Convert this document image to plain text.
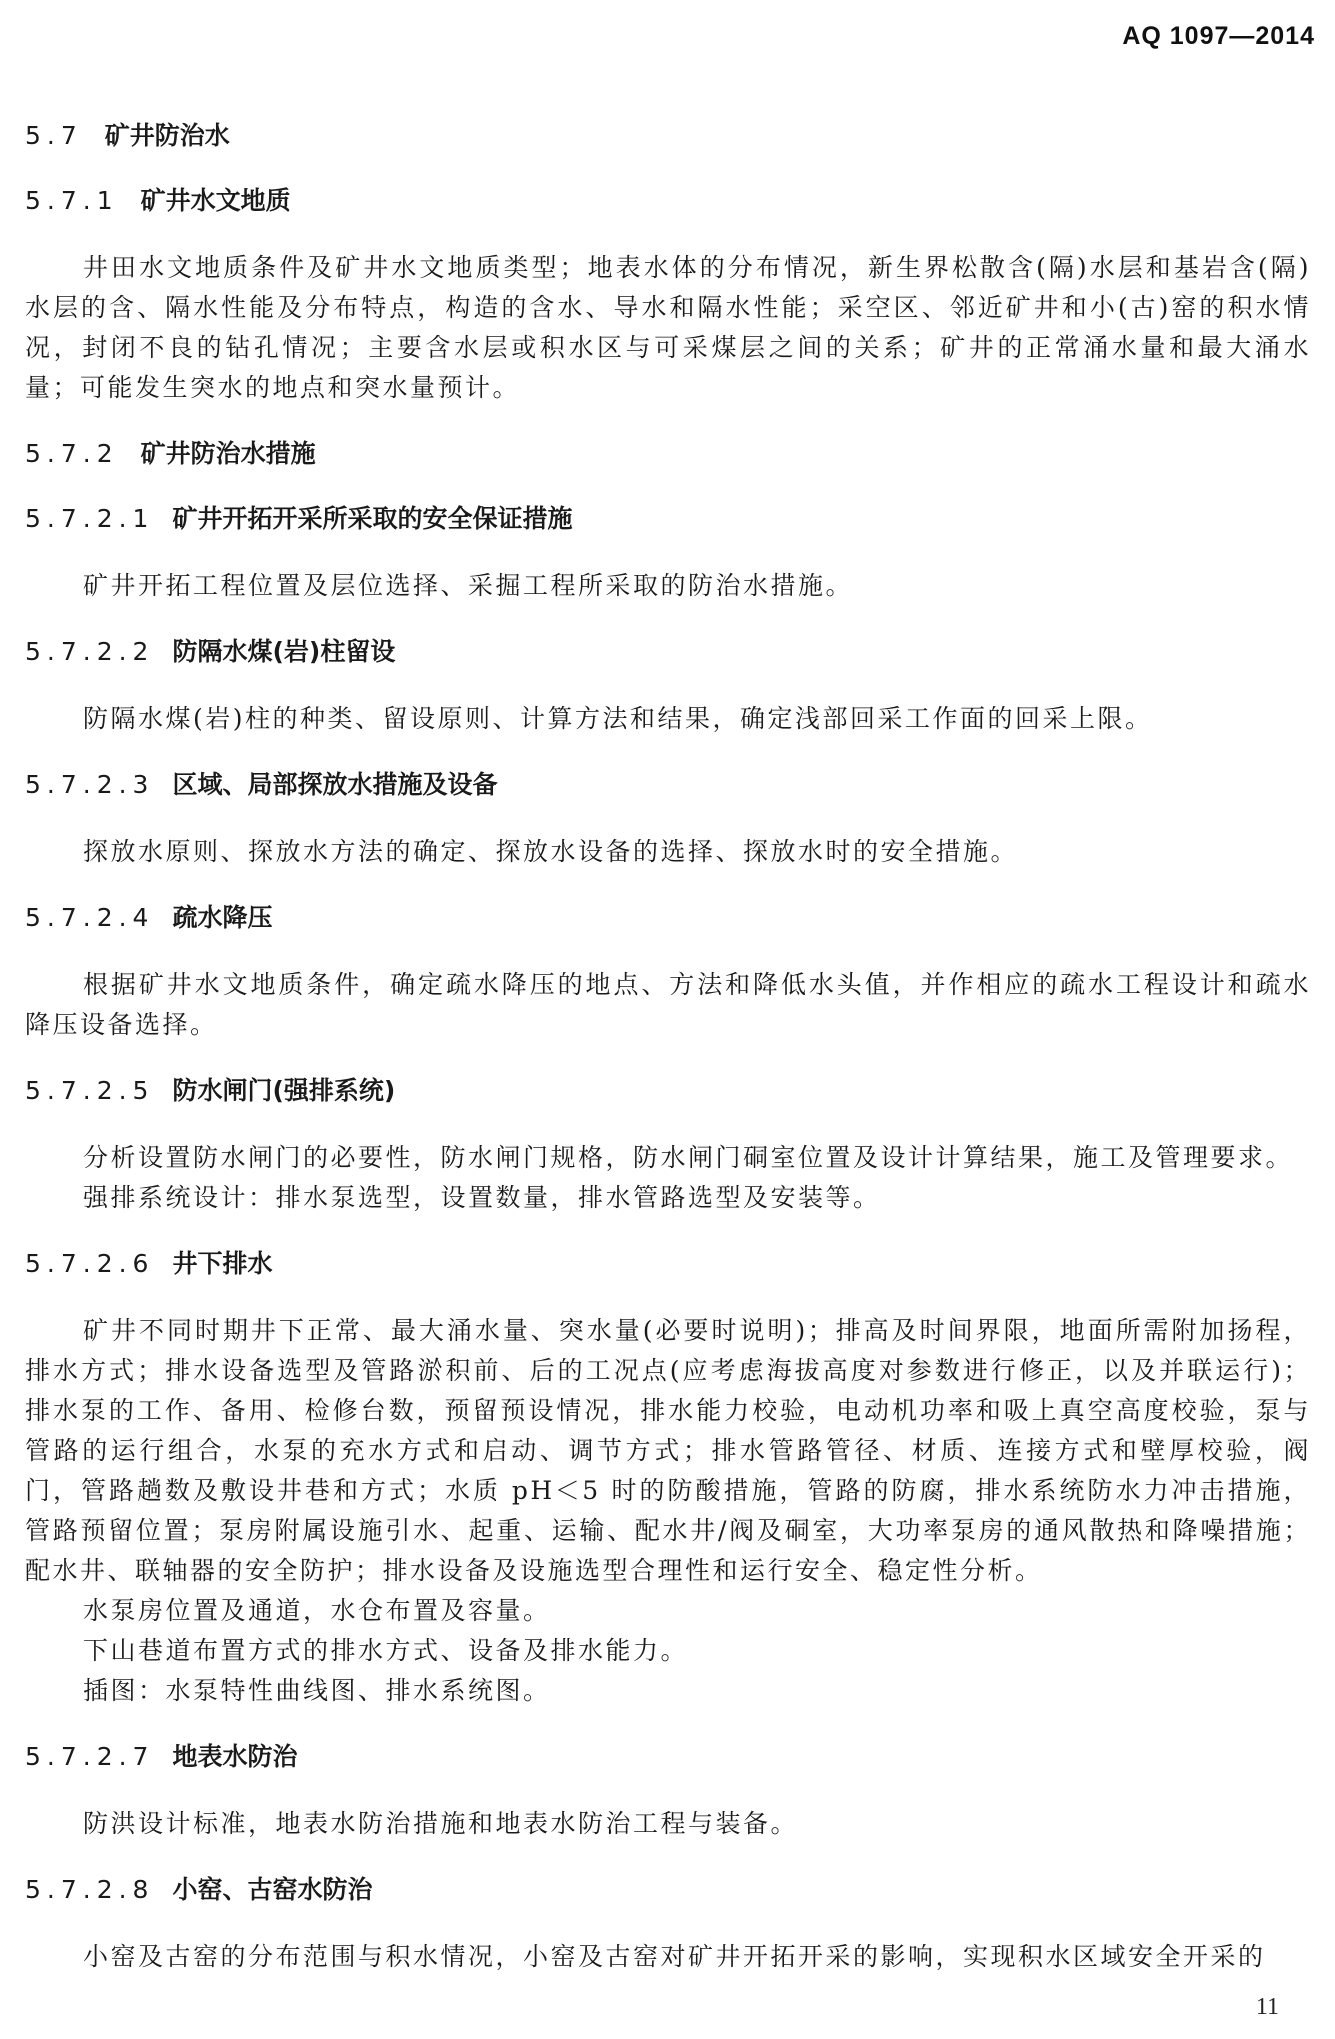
AQ 1097—2014
5.7 矿井防治水
5.7.1 矿井水文地质

井田水文地质条件及矿井水文地质类型；地表水体的分布情况，新生界松散含(隔)水层和基岩含(隔)水层的含、隔水性能及分布特点，构造的含水、导水和隔水性能；采空区、邻近矿井和小(古)窑的积水情况，封闭不良的钻孔情况；主要含水层或积水区与可采煤层之间的关系；矿井的正常涌水量和最大涌水量；可能发生突水的地点和突水量预计。

5.7.2 矿井防治水措施
5.7.2.1 矿井开拓开采所采取的安全保证措施

矿井开拓工程位置及层位选择、采掘工程所采取的防治水措施。

5.7.2.2 防隔水煤(岩)柱留设

防隔水煤(岩)柱的种类、留设原则、计算方法和结果，确定浅部回采工作面的回采上限。

5.7.2.3 区域、局部探放水措施及设备

探放水原则、探放水方法的确定、探放水设备的选择、探放水时的安全措施。

5.7.2.4 疏水降压

根据矿井水文地质条件，确定疏水降压的地点、方法和降低水头值，并作相应的疏水工程设计和疏水降压设备选择。

5.7.2.5 防水闸门(强排系统)

分析设置防水闸门的必要性，防水闸门规格，防水闸门硐室位置及设计计算结果，施工及管理要求。

强排系统设计：排水泵选型，设置数量，排水管路选型及安装等。

5.7.2.6 井下排水

矿井不同时期井下正常、最大涌水量、突水量(必要时说明)；排高及时间界限，地面所需附加扬程，排水方式；排水设备选型及管路淤积前、后的工况点(应考虑海拔高度对参数进行修正，以及并联运行)；排水泵的工作、备用、检修台数，预留预设情况，排水能力校验，电动机功率和吸上真空高度校验，泵与管路的运行组合，水泵的充水方式和启动、调节方式；排水管路管径、材质、连接方式和壁厚校验，阀门，管路趟数及敷设井巷和方式；水质 pH＜5 时的防酸措施，管路的防腐，排水系统防水力冲击措施，管路预留位置；泵房附属设施引水、起重、运输、配水井/阀及硐室，大功率泵房的通风散热和降噪措施；配水井、联轴器的安全防护；排水设备及设施选型合理性和运行安全、稳定性分析。

水泵房位置及通道，水仓布置及容量。

下山巷道布置方式的排水方式、设备及排水能力。

插图：水泵特性曲线图、排水系统图。

5.7.2.7 地表水防治

防洪设计标准，地表水防治措施和地表水防治工程与装备。

5.7.2.8 小窑、古窑水防治

小窑及古窑的分布范围与积水情况，小窑及古窑对矿井开拓开采的影响，实现积水区域安全开采的

11
